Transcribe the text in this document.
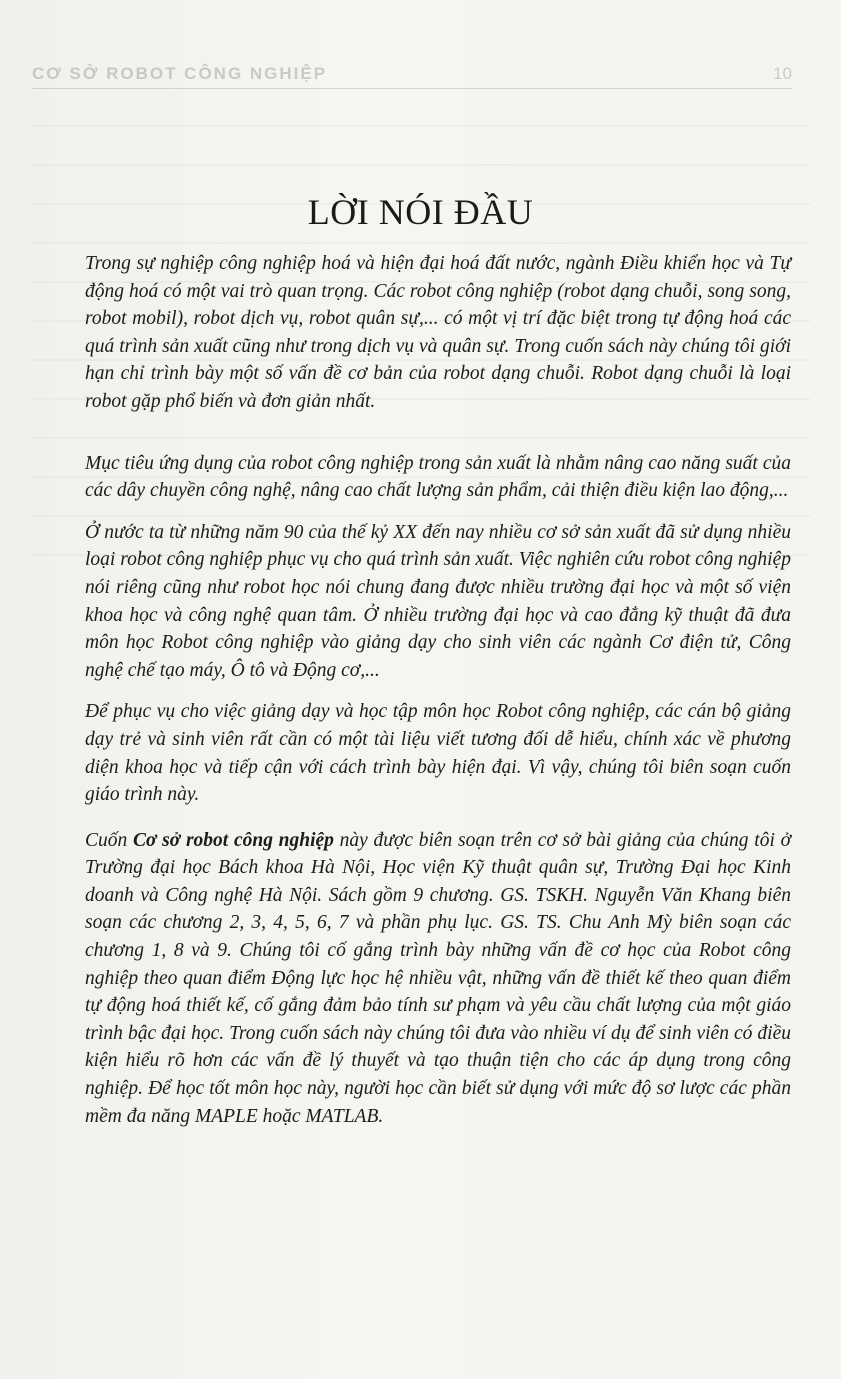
CƠ SỞ ROBOT CÔNG NGHIỆP	10
LỜI NÓI ĐẦU

Trong sự nghiệp công nghiệp hoá và hiện đại hoá đất nước, ngành Điều khiển học và Tự động hoá có một vai trò quan trọng. Các robot công nghiệp (robot dạng chuỗi, song song, robot mobil), robot dịch vụ, robot quân sự,... có một vị trí đặc biệt trong tự động hoá các quá trình sản xuất cũng như trong dịch vụ và quân sự. Trong cuốn sách này chúng tôi giới hạn chỉ trình bày một số vấn đề cơ bản của robot dạng chuỗi. Robot dạng chuỗi là loại robot gặp phổ biến và đơn giản nhất.

Mục tiêu ứng dụng của robot công nghiệp trong sản xuất là nhằm nâng cao năng suất của các dây chuyền công nghệ, nâng cao chất lượng sản phẩm, cải thiện điều kiện lao động,...

Ở nước ta từ những năm 90 của thế kỷ XX đến nay nhiều cơ sở sản xuất đã sử dụng nhiều loại robot công nghiệp phục vụ cho quá trình sản xuất. Việc nghiên cứu robot công nghiệp nói riêng cũng như robot học nói chung đang được nhiều trường đại học và một số viện khoa học và công nghệ quan tâm. Ở nhiều trường đại học và cao đẳng kỹ thuật đã đưa môn học Robot công nghiệp vào giảng dạy cho sinh viên các ngành Cơ điện tử, Công nghệ chế tạo máy, Ô tô và Động cơ,...

Để phục vụ cho việc giảng dạy và học tập môn học Robot công nghiệp, các cán bộ giảng dạy trẻ và sinh viên rất cần có một tài liệu viết tương đối dễ hiểu, chính xác về phương diện khoa học và tiếp cận với cách trình bày hiện đại. Vì vậy, chúng tôi biên soạn cuốn giáo trình này.

Cuốn Cơ sở robot công nghiệp này được biên soạn trên cơ sở bài giảng của chúng tôi ở Trường đại học Bách khoa Hà Nội, Học viện Kỹ thuật quân sự, Trường Đại học Kinh doanh và Công nghệ Hà Nội. Sách gồm 9 chương. GS. TSKH. Nguyễn Văn Khang biên soạn các chương 2, 3, 4, 5, 6, 7 và phần phụ lục. GS. TS. Chu Anh Mỳ biên soạn các chương 1, 8 và 9. Chúng tôi cố gắng trình bày những vấn đề cơ học của Robot công nghiệp theo quan điểm Động lực học hệ nhiều vật, những vấn đề thiết kế theo quan điểm tự động hoá thiết kế, cố gắng đảm bảo tính sư phạm và yêu cầu chất lượng của một giáo trình bậc đại học. Trong cuốn sách này chúng tôi đưa vào nhiều ví dụ để sinh viên có điều kiện hiểu rõ hơn các vấn đề lý thuyết và tạo thuận tiện cho các áp dụng trong công nghiệp. Để học tốt môn học này, người học cần biết sử dụng với mức độ sơ lược các phần mềm đa năng MAPLE hoặc MATLAB.
